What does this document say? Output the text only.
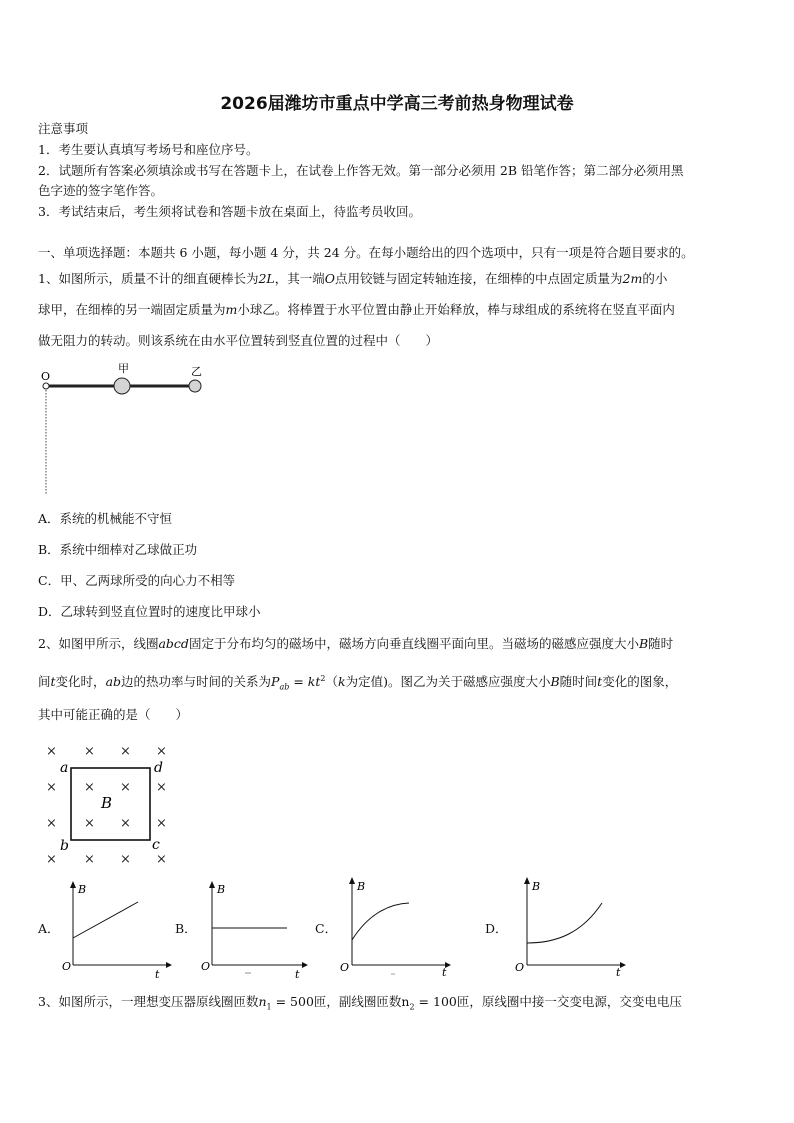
2026届潍坊市重点中学高三考前热身物理试卷
注意事项
1．考生要认真填写考场号和座位序号。
2．试题所有答案必须填涂或书写在答题卡上，在试卷上作答无效。第一部分必须用 2B 铅笔作答；第二部分必须用黑
色字迹的签字笔作答。
3．考试结束后，考生须将试卷和答题卡放在桌面上，待监考员收回。
一、单项选择题：本题共 6 小题，每小题 4 分，共 24 分。在每小题给出的四个选项中，只有一项是符合题目要求的。
1、如图所示，质量不计的细直硬棒长为2L，其一端O点用铰链与固定转轴连接，在细棒的中点固定质量为2m的小
球甲，在细棒的另一端固定质量为m小球乙。将棒置于水平位置由静止开始释放，棒与球组成的系统将在竖直平面内
做无阻力的转动。则该系统在由水平位置转到竖直位置的过程中（　　）
O
甲	乙
A．系统的机械能不守恒
B．系统中细棒对乙球做正功
C．甲、乙两球所受的向心力不相等
D．乙球转到竖直位置时的速度比甲球小
2、如图甲所示，线圈abcd固定于分布均匀的磁场中，磁场方向垂直线圈平面向里。当磁场的磁感应强度大小B随时
间t变化时，ab边的热功率与时间的关系为$P_{ab} = kt^2(k$为定值)。图乙为关于磁感应强度大小B随时间t变化的图象，
其中可能正确的是（　　）
× × × ×
× × × ×
× × × ×
× × × ×
a	d
b	c
B
A．	B．	C．	D．
B
t
O
B
t
O
B
t
O
B
t
O
3、如图所示，一理想变压器原线圈匝数$n_1 = 500$匝，副线圈匝数$n_2 = 100$匝，原线圈中接一交变电源，交变电电压
